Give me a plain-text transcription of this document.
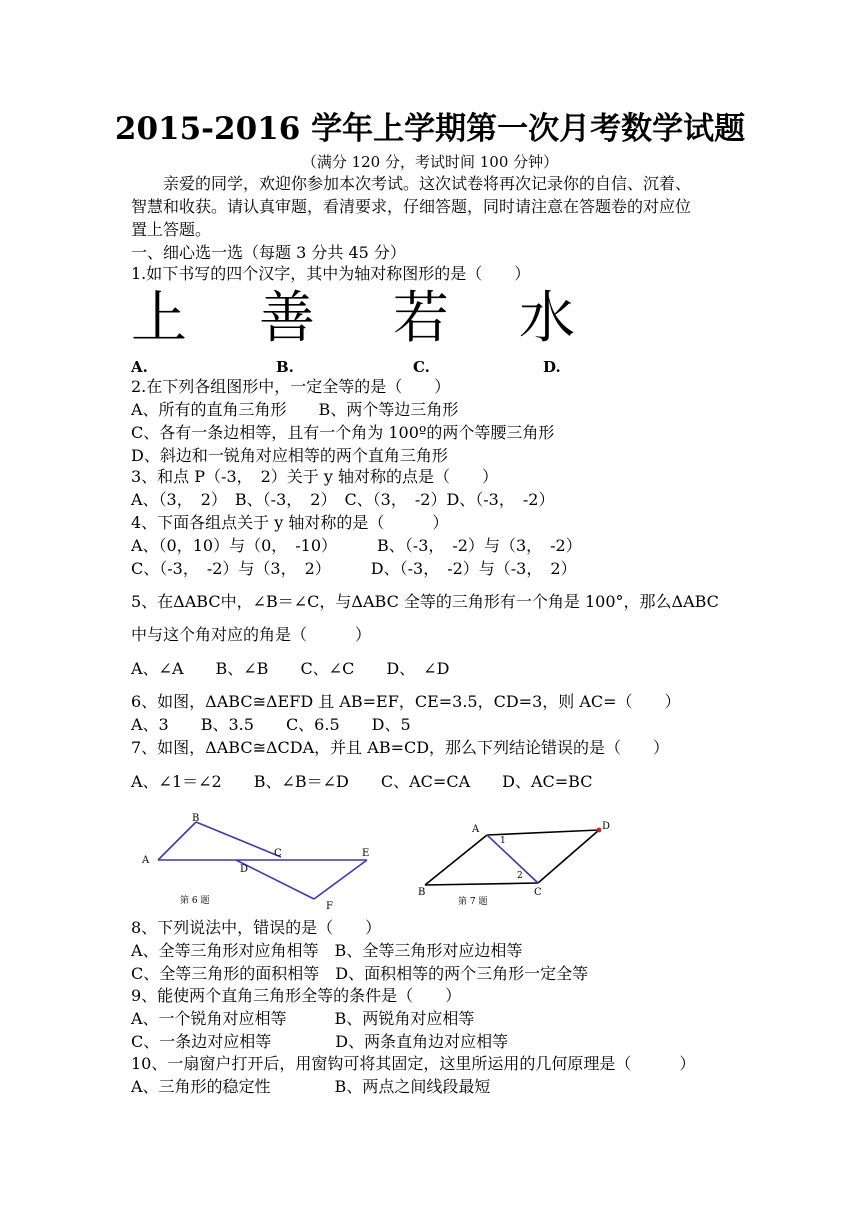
2015-2016 学年上学期第一次月考数学试题
（满分 120 分，考试时间 100 分钟）
亲爱的同学，欢迎你参加本次考试。这次试卷将再次记录你的自信、沉着、
智慧和收获。请认真审题，看清要求，仔细答题，同时请注意在答题卷的对应位
置上答题。
一、细心选一选（每题 3 分共 45 分）
1.如下书写的四个汉字，其中为轴对称图形的是（　　）
上 善 若 水
A.	B.	C.	D.
2.在下列各组图形中，一定全等的是（　　）
A、所有的直角三角形　　B、两个等边三角形
C、各有一条边相等，且有一个角为 100º的两个等腰三角形
D、斜边和一锐角对应相等的两个直角三角形
3、和点 P（-3，　2）关于 y 轴对称的点是（　　）
A、（3，　2）　B、（-3，　2）　C、（3，　-2）D、（-3，　-2）
4、下面各组点关于 y 轴对称的是（　　　）
A、（0，10）与（0，　-10）　　　B、（-3，　-2）与（3，　-2）
C、（-3，　-2）与（3，　2）　　　D、（-3，　-2）与（-3，　2）
5、在ΔABC中，∠B＝∠C，与ΔABC 全等的三角形有一个角是 100°，那么ΔABC
中与这个角对应的角是（　　　）
A、∠A　　B、∠B　　C、∠C　　D、　∠D
6、如图，ΔABC≅ΔEFD 且 AB=EF，CE=3.5，CD=3，则 AC=（　　）
A、3　　B、3.5　　C、6.5　　D、5
7、如图，ΔABC≅ΔCDA，并且 AB=CD，那么下列结论错误的是（　　）
A、∠1＝∠2　　B、∠B＝∠D　　C、AC=CA　　D、AC=BC
A
B
C
D
E
F
第 6 题
A
B	C
D
1
2
第 7 题
8、下列说法中，错误的是（　　）
A、全等三角形对应角相等　B、全等三角形对应边相等
C、全等三角形的面积相等　D、面积相等的两个三角形一定全等
9、能使两个直角三角形全等的条件是（　　）
A、一个锐角对应相等　　　B、两锐角对应相等
C、一条边对应相等　　　　D、两条直角边对应相等
10、一扇窗户打开后，用窗钩可将其固定，这里所运用的几何原理是（　　　）
A、三角形的稳定性　　　　B、两点之间线段最短
